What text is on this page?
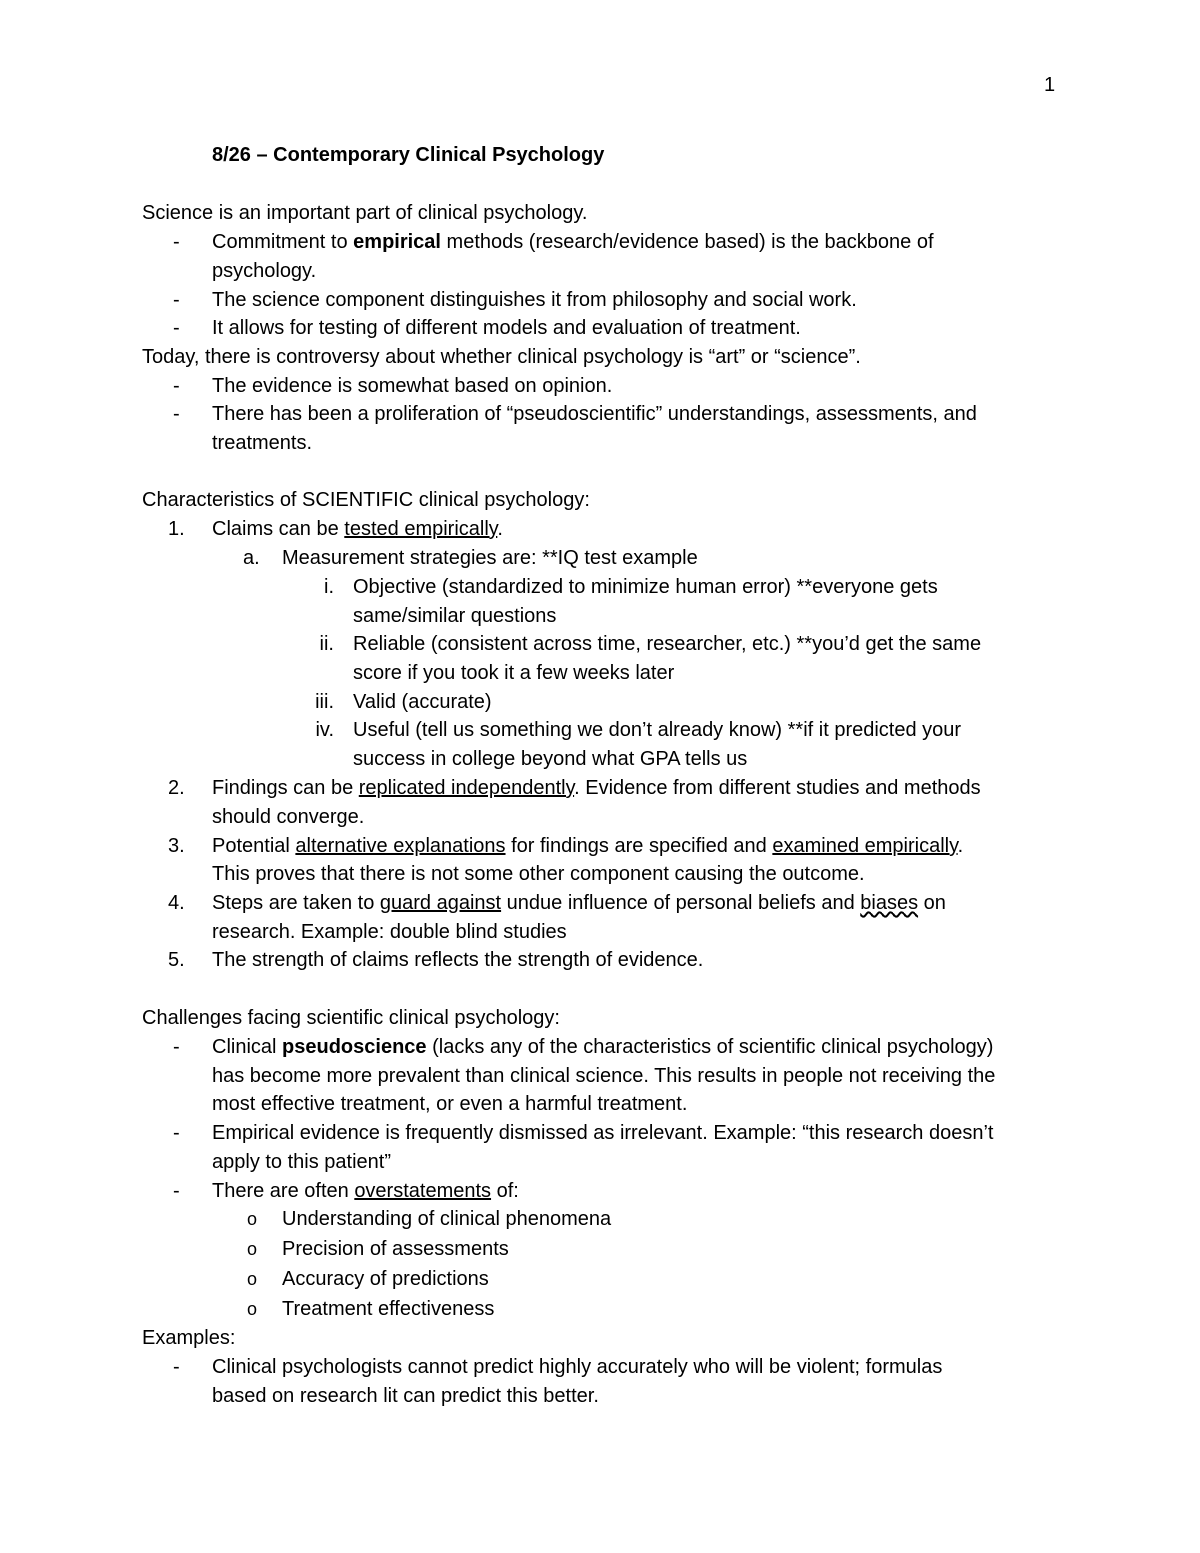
1
8/26 – Contemporary Clinical Psychology
Science is an important part of clinical psychology.
- Commitment to empirical methods (research/evidence based) is the backbone of
psychology.
- The science component distinguishes it from philosophy and social work.
- It allows for testing of different models and evaluation of treatment.
Today, there is controversy about whether clinical psychology is “art” or “science”.
- The evidence is somewhat based on opinion.
- There has been a proliferation of “pseudoscientific” understandings, assessments, and
treatments.
Characteristics of SCIENTIFIC clinical psychology:
1.	Claims can be tested empirically.
a. Measurement strategies are: **IQ test example
i. Objective (standardized to minimize human error) **everyone gets
same/similar questions
ii. Reliable (consistent across time, researcher, etc.) **you’d get the same
score if you took it a few weeks later
iii. Valid (accurate)
iv. Useful (tell us something we don’t already know) **if it predicted your
success in college beyond what GPA tells us
2.	Findings can be replicated independently. Evidence from different studies and methods
should converge.
3.	Potential alternative explanations for findings are specified and examined empirically.
This proves that there is not some other component causing the outcome.
4.	Steps are taken to guard against undue influence of personal beliefs and biases on
research. Example: double blind studies
5.	The strength of claims reflects the strength of evidence.
Challenges facing scientific clinical psychology:
- Clinical pseudoscience (lacks any of the characteristics of scientific clinical psychology)
has become more prevalent than clinical science. This results in people not receiving the
most effective treatment, or even a harmful treatment.
- Empirical evidence is frequently dismissed as irrelevant. Example: “this research doesn’t
apply to this patient”
- There are often overstatements of:
o Understanding of clinical phenomena
o Precision of assessments
o Accuracy of predictions
o Treatment effectiveness
Examples:
- Clinical psychologists cannot predict highly accurately who will be violent; formulas
based on research lit can predict this better.
